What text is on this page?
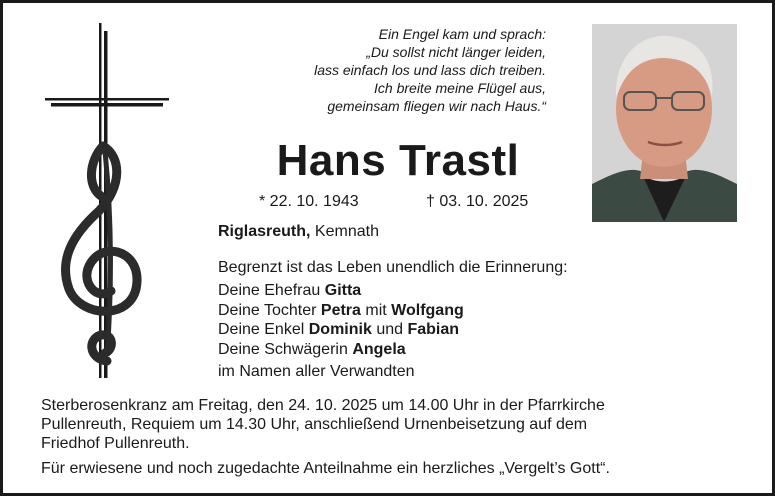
Ein Engel kam und sprach:
„Du sollst nicht länger leiden,
lass einfach los und lass dich treiben.
Ich breite meine Flügel aus,
gemeinsam fliegen wir nach Haus.“
Hans Trastl
* 22. 10. 1943	† 03. 10. 2025
Riglasreuth, Kemnath
Begrenzt ist das Leben unendlich die Erinnerung:
Deine Ehefrau Gitta
Deine Tochter Petra mit Wolfgang
Deine Enkel Dominik und Fabian
Deine Schwägerin Angela
im Namen aller Verwandten
Sterberosenkranz am Freitag, den 24. 10. 2025 um 14.00 Uhr in der Pfarrkirche
Pullenreuth, Requiem um 14.30 Uhr, anschließend Urnenbeisetzung auf dem
Friedhof Pullenreuth.
Für erwiesene und noch zugedachte Anteilnahme ein herzliches „Vergelt’s Gott“.
